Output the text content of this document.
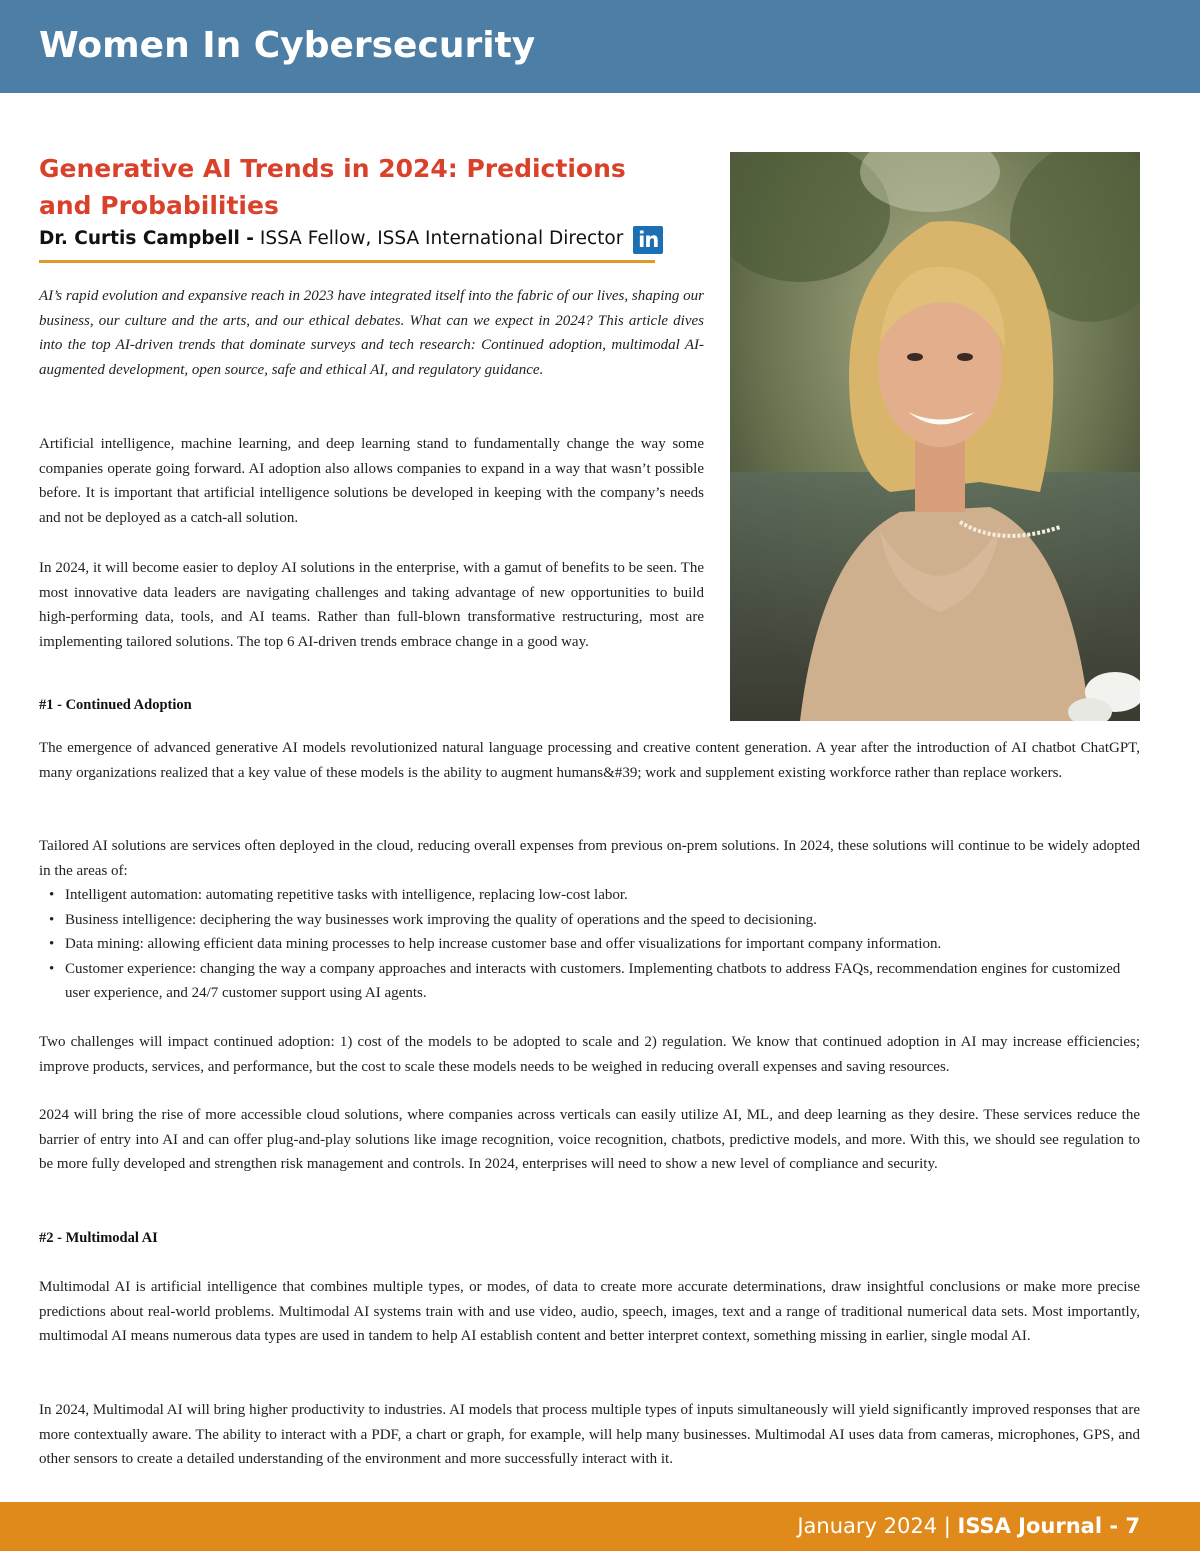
Women In Cybersecurity
Generative AI Trends in 2024: Predictions and Probabilities
Dr. Curtis Campbell - ISSA Fellow, ISSA International Director in

AI’s rapid evolution and expansive reach in 2023 have integrated itself into the fabric of our lives, shaping our business, our culture and the arts, and our ethical debates. What can we expect in 2024? This article dives into the top AI-driven trends that dominate surveys and tech research: Continued adoption, multimodal AI-augmented development, open source, safe and ethical AI, and regulatory guidance.

Artificial intelligence, machine learning, and deep learning stand to fundamentally change the way some companies operate going forward. AI adoption also allows companies to expand in a way that wasn’t possible before. It is important that artificial intelligence solutions be developed in keeping with the company’s needs and not be deployed as a catch-all solution.

In 2024, it will become easier to deploy AI solutions in the enterprise, with a gamut of benefits to be seen. The most innovative data leaders are navigating challenges and taking advantage of new opportunities to build high-performing data, tools, and AI teams. Rather than full-blown transformative restructuring, most are implementing tailored solutions. The top 6 AI-driven trends embrace change in a good way.

#1 - Continued Adoption

The emergence of advanced generative AI models revolutionized natural language processing and creative content generation. A year after the introduction of AI chatbot ChatGPT, many organizations realized that a key value of these models is the ability to augment humans&#39; work and supplement existing workforce rather than replace workers.

Tailored AI solutions are services often deployed in the cloud, reducing overall expenses from previous on-prem solutions. In 2024, these solutions will continue to be widely adopted in the areas of:

• Intelligent automation: automating repetitive tasks with intelligence, replacing low-cost labor.
• Business intelligence: deciphering the way businesses work improving the quality of operations and the speed to decisioning.
• Data mining: allowing efficient data mining processes to help increase customer base and offer visualizations for important company information.
• Customer experience: changing the way a company approaches and interacts with customers. Implementing chatbots to address FAQs, recommendation engines for customized user experience, and 24/7 customer support using AI agents.

Two challenges will impact continued adoption: 1) cost of the models to be adopted to scale and 2) regulation. We know that continued adoption in AI may increase efficiencies; improve products, services, and performance, but the cost to scale these models needs to be weighed in reducing overall expenses and saving resources.

2024 will bring the rise of more accessible cloud solutions, where companies across verticals can easily utilize AI, ML, and deep learning as they desire. These services reduce the barrier of entry into AI and can offer plug-and-play solutions like image recognition, voice recognition, chatbots, predictive models, and more. With this, we should see regulation to be more fully developed and strengthen risk management and controls. In 2024, enterprises will need to show a new level of compliance and security.

#2 - Multimodal AI

Multimodal AI is artificial intelligence that combines multiple types, or modes, of data to create more accurate determinations, draw insightful conclusions or make more precise predictions about real-world problems. Multimodal AI systems train with and use video, audio, speech, images, text and a range of traditional numerical data sets. Most importantly, multimodal AI means numerous data types are used in tandem to help AI establish content and better interpret context, something missing in earlier, single modal AI.

In 2024, Multimodal AI will bring higher productivity to industries. AI models that process multiple types of inputs simultaneously will yield significantly improved responses that are more contextually aware. The ability to interact with a PDF, a chart or graph, for example, will help many businesses. Multimodal AI uses data from cameras, microphones, GPS, and other sensors to create a detailed understanding of the environment and more successfully interact with it.

January 2024 | ISSA Journal - 7
